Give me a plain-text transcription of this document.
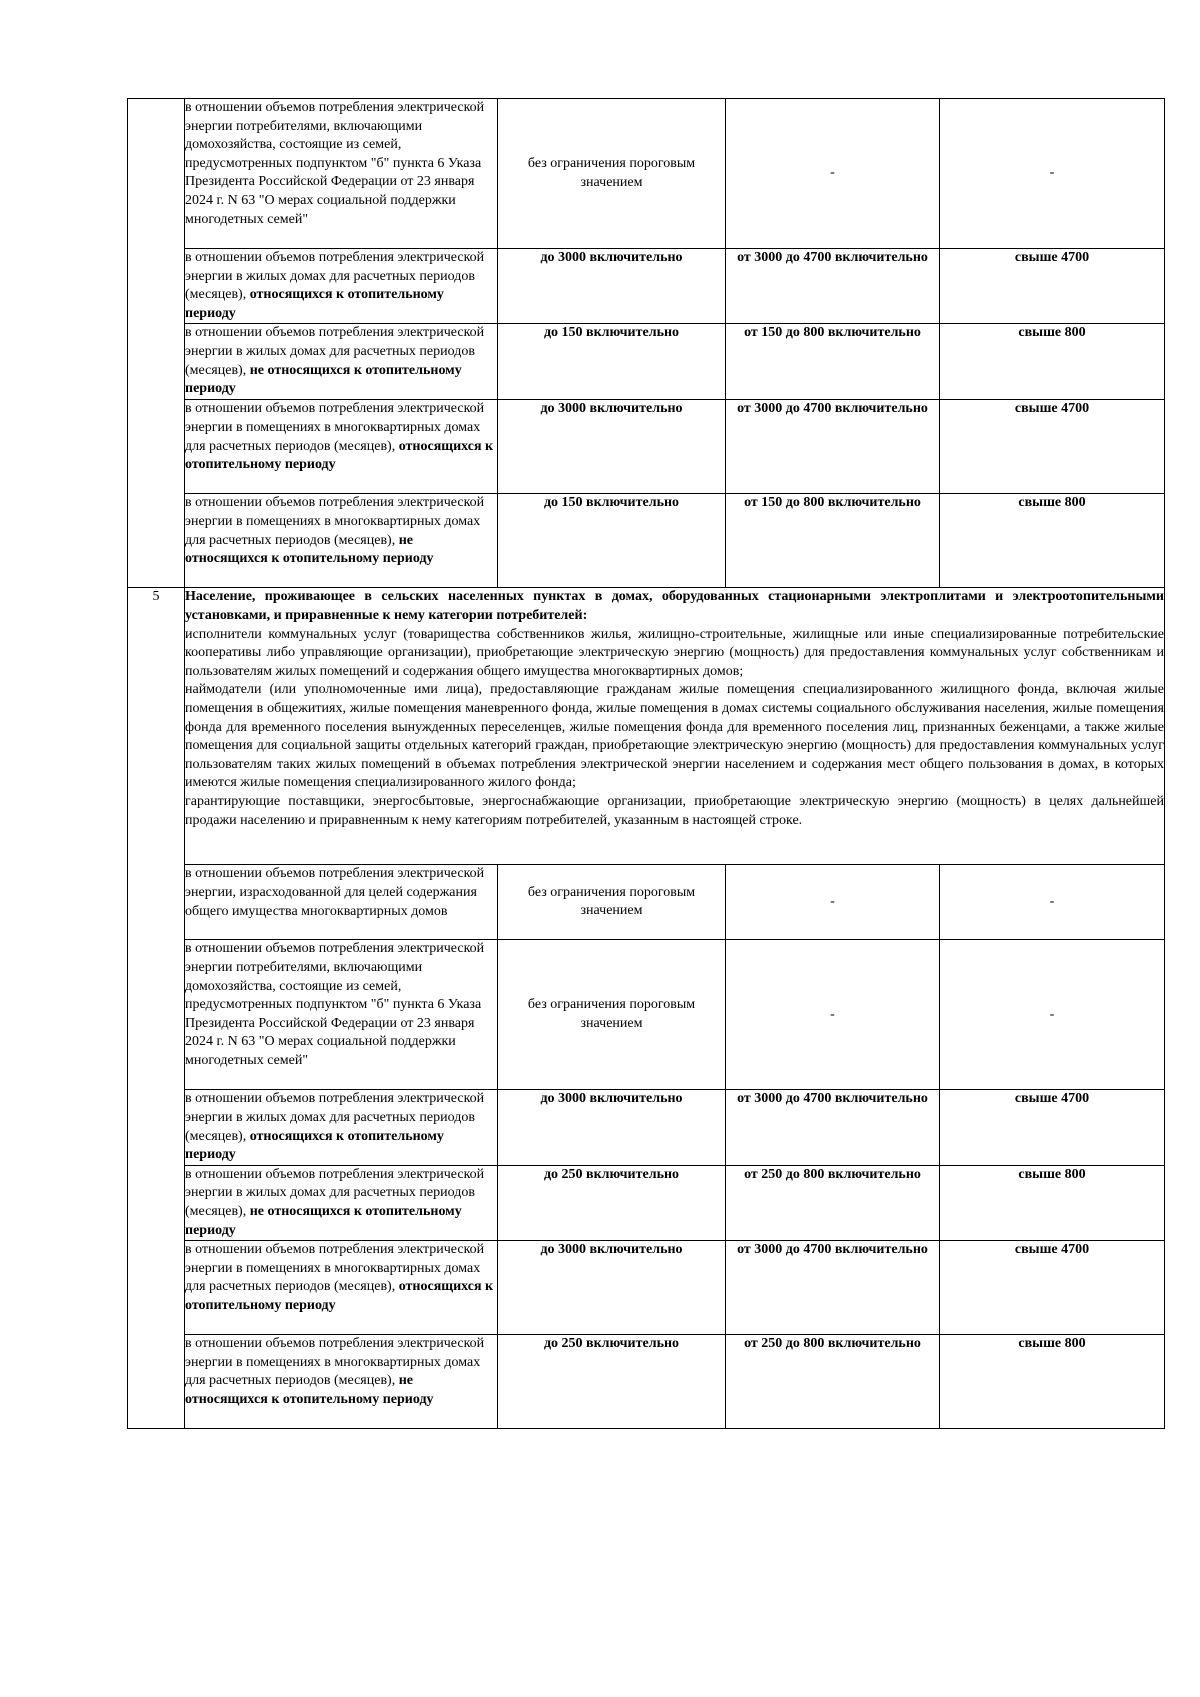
	в отношении объемов потребления электрической энергии потребителями, включающими домохозяйства, состоящие из семей, предусмотренных подпунктом "б" пункта 6 Указа Президента Российской Федерации от 23 января 2024 г. N 63 "О мерах социальной поддержки многодетных семей"	без ограничения пороговым значением	-	-
	в отношении объемов потребления электрической энергии в жилых домах для расчетных периодов (месяцев), относящихся к отопительному периоду	до 3000 включительно	от 3000 до 4700 включительно	свыше 4700
	в отношении объемов потребления электрической энергии в жилых домах для расчетных периодов (месяцев), не относящихся к отопительному периоду	до 150 включительно	от 150 до 800 включительно	свыше 800
	в отношении объемов потребления электрической энергии в помещениях в многоквартирных домах для расчетных периодов (месяцев), относящихся к отопительному периоду	до 3000 включительно	от 3000 до 4700 включительно	свыше 4700
	в отношении объемов потребления электрической энергии в помещениях в многоквартирных домах для расчетных периодов (месяцев), не относящихся к отопительному периоду	до 150 включительно	от 150 до 800 включительно	свыше 800
5	Население, проживающее в сельских населенных пунктах в домах, оборудованных стационарными электроплитами и электроотопительными установками, и приравненные к нему категории потребителей:

исполнители коммунальных услуг (товарищества собственников жилья, жилищно-строительные, жилищные или иные специализированные потребительские кооперативы либо управляющие организации), приобретающие электрическую энергию (мощность) для предоставления коммунальных услуг собственникам и пользователям жилых помещений и содержания общего имущества многоквартирных домов;

наймодатели (или уполномоченные ими лица), предоставляющие гражданам жилые помещения специализированного жилищного фонда, включая жилые помещения в общежитиях, жилые помещения маневренного фонда, жилые помещения в домах системы социального обслуживания населения, жилые помещения фонда для временного поселения вынужденных переселенцев, жилые помещения фонда для временного поселения лиц, признанных беженцами, а также жилые помещения для социальной защиты отдельных категорий граждан, приобретающие электрическую энергию (мощность) для предоставления коммунальных услуг пользователям таких жилых помещений в объемах потребления электрической энергии населением и содержания мест общего пользования в домах, в которых имеются жилые помещения специализированного жилого фонда;

гарантирующие поставщики, энергосбытовые, энергоснабжающие организации, приобретающие электрическую энергию (мощность) в целях дальнейшей продажи населению и приравненным к нему категориям потребителей, указанным в настоящей строке.			

	в отношении объемов потребления электрической энергии, израсходованной для целей содержания общего имущества многоквартирных домов	без ограничения пороговым значением	-	-
	в отношении объемов потребления электрической энергии потребителями, включающими домохозяйства, состоящие из семей, предусмотренных подпунктом "б" пункта 6 Указа Президента Российской Федерации от 23 января 2024 г. N 63 "О мерах социальной поддержки многодетных семей"	без ограничения пороговым значением	-	-
	в отношении объемов потребления электрической энергии в жилых домах для расчетных периодов (месяцев), относящихся к отопительному периоду	до 3000 включительно	от 3000 до 4700 включительно	свыше 4700
	в отношении объемов потребления электрической энергии в жилых домах для расчетных периодов (месяцев), не относящихся к отопительному периоду	до 250 включительно	от 250 до 800 включительно	свыше 800
	в отношении объемов потребления электрической энергии в помещениях в многоквартирных домах для расчетных периодов (месяцев), относящихся к отопительному периоду	до 3000 включительно	от 3000 до 4700 включительно	свыше 4700
	в отношении объемов потребления электрической энергии в помещениях в многоквартирных домах для расчетных периодов (месяцев), не относящихся к отопительному периоду	до 250 включительно	от 250 до 800 включительно	свыше 800
